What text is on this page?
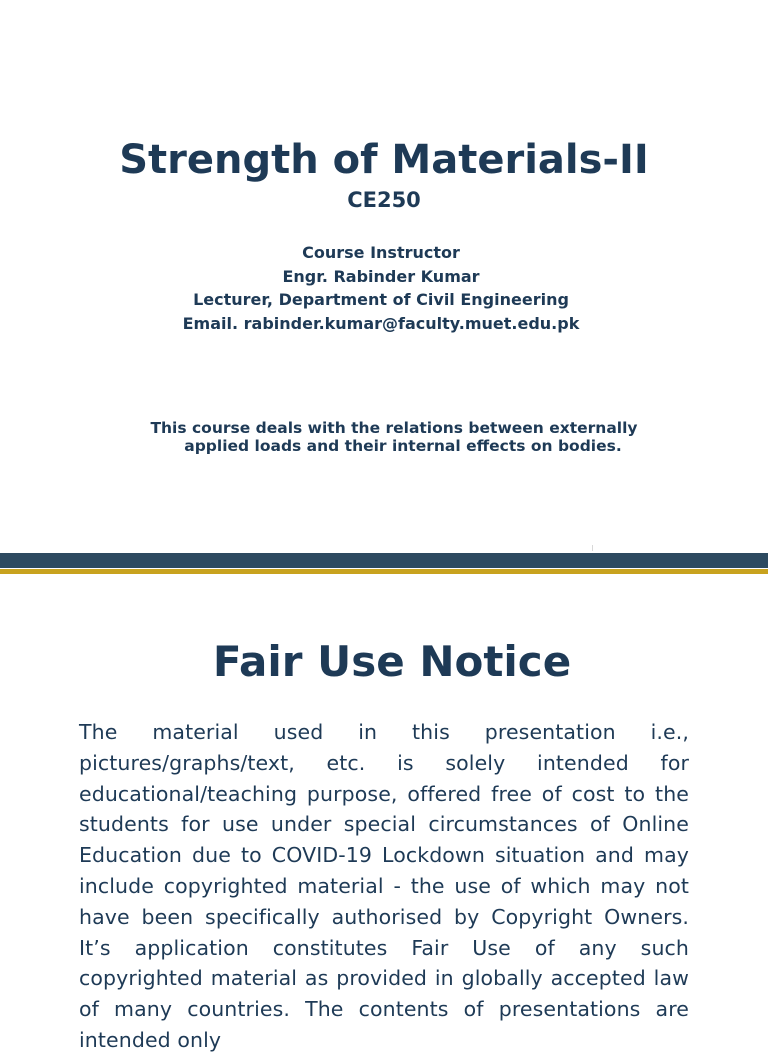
Strength of Materials-II
CE250
Course Instructor
Engr. Rabinder Kumar
Lecturer, Department of Civil Engineering
Email. rabinder.kumar@faculty.muet.edu.pk
This course deals with the relations between externally
applied loads and their internal effects on bodies.
Fair Use Notice

The material used in this presentation i.e., pictures/graphs/text, etc. is solely intended for educational/teaching purpose, offered free of cost to the students for use under special circumstances of Online Education due to COVID-19 Lockdown situation and may include copyrighted material - the use of which may not have been specifically authorised by Copyright Owners. It’s application constitutes Fair Use of any such copyrighted material as provided in globally accepted law of many countries. The contents of presentations are intended only
